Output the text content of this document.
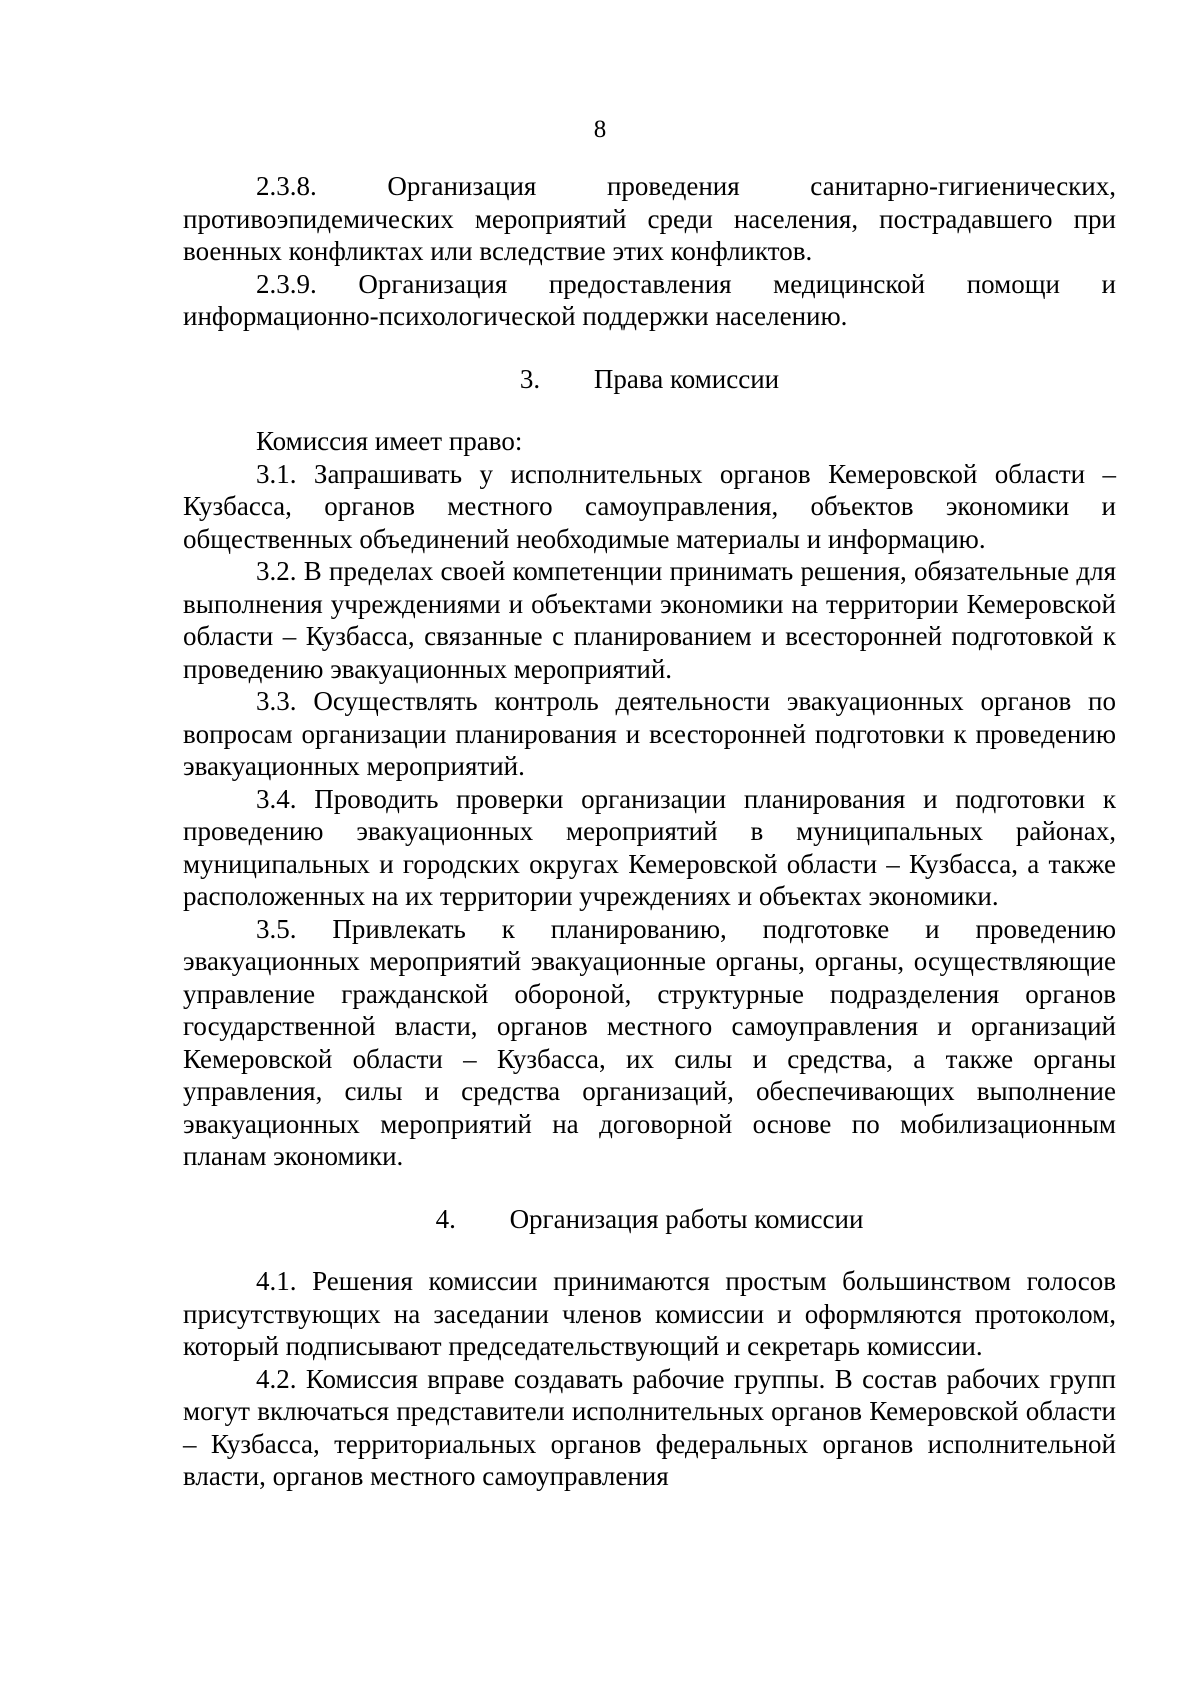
8

2.3.8. Организация проведения санитарно-гигиенических, противоэпидемических мероприятий среди населения, пострадавшего при военных конфликтах или вследствие этих конфликтов.

2.3.9. Организация предоставления медицинской помощи и информационно-психологической поддержки населению.

3.	Права комиссии

Комиссия имеет право:

3.1. Запрашивать у исполнительных органов Кемеровской области – Кузбасса, органов местного самоуправления, объектов экономики и общественных объединений необходимые материалы и информацию.

3.2. В пределах своей компетенции принимать решения, обязательные для выполнения учреждениями и объектами экономики на территории Кемеровской области – Кузбасса, связанные с планированием и всесторонней подготовкой к проведению эвакуационных мероприятий.

3.3. Осуществлять контроль деятельности эвакуационных органов по вопросам организации планирования и всесторонней подготовки к проведению эвакуационных мероприятий.

3.4. Проводить проверки организации планирования и подготовки к проведению эвакуационных мероприятий в муниципальных районах, муниципальных и городских округах Кемеровской области – Кузбасса, а также расположенных на их территории учреждениях и объектах экономики.

3.5. Привлекать к планированию, подготовке и проведению эвакуационных мероприятий эвакуационные органы, органы, осуществляющие управление гражданской обороной, структурные подразделения органов государственной власти, органов местного самоуправления и организаций Кемеровской области – Кузбасса, их силы и средства, а также органы управления, силы и средства организаций, обеспечивающих выполнение эвакуационных мероприятий на договорной основе по мобилизационным планам экономики.

4.	Организация работы комиссии

4.1. Решения комиссии принимаются простым большинством голосов присутствующих на заседании членов комиссии и оформляются протоколом, который подписывают председательствующий и секретарь комиссии.

4.2. Комиссия вправе создавать рабочие группы. В состав рабочих групп могут включаться представители исполнительных органов Кемеровской области – Кузбасса, территориальных органов федеральных органов исполнительной власти, органов местного самоуправления
